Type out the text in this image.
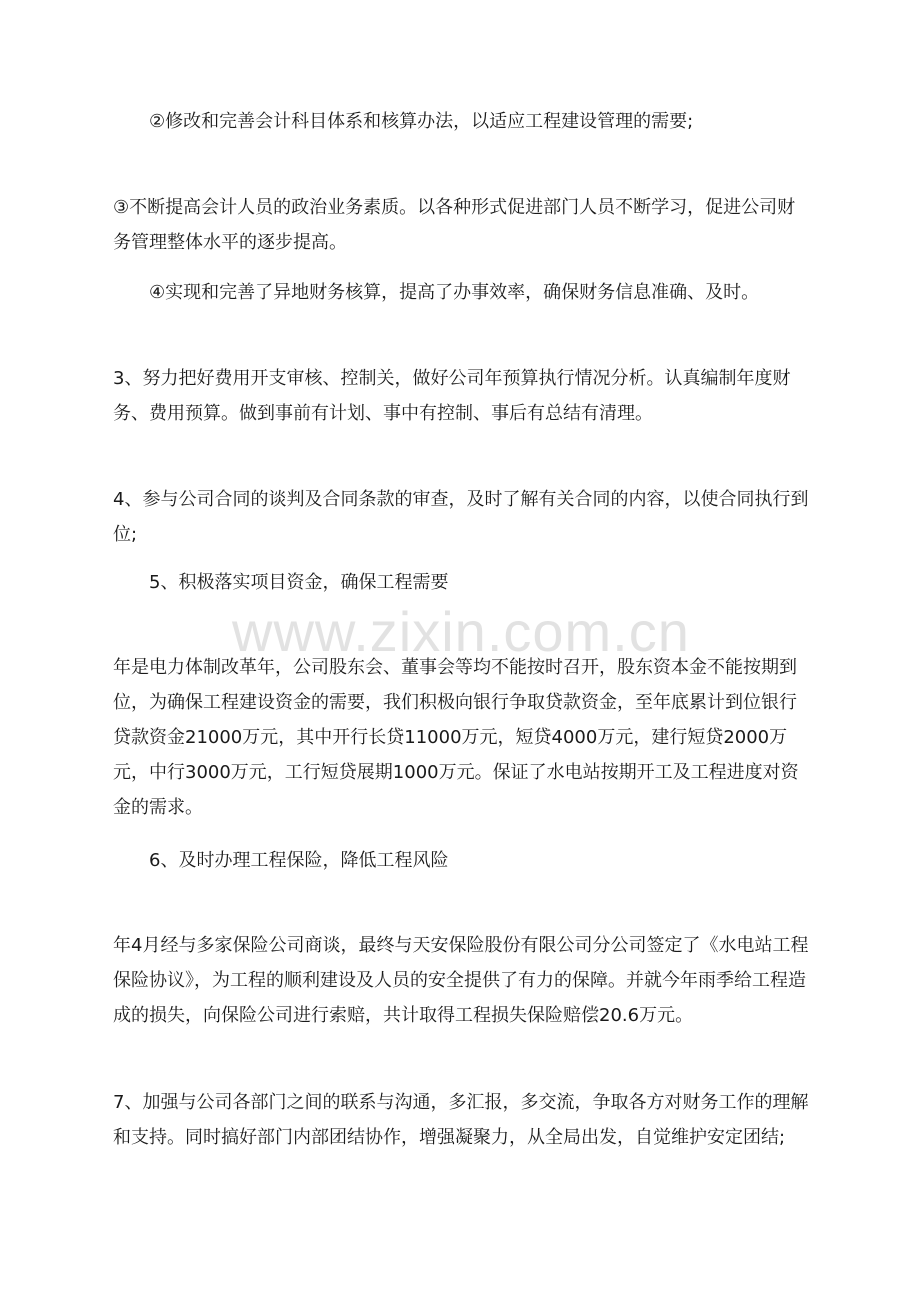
②修改和完善会计科目体系和核算办法，以适应工程建设管理的需要;

③不断提高会计人员的政治业务素质。以各种形式促进部门人员不断学习，促进公司财务管理整体水平的逐步提高。

④实现和完善了异地财务核算，提高了办事效率，确保财务信息准确、及时。

3、努力把好费用开支审核、控制关，做好公司年预算执行情况分析。认真编制年度财务、费用预算。做到事前有计划、事中有控制、事后有总结有清理。

4、参与公司合同的谈判及合同条款的审查，及时了解有关合同的内容，以使合同执行到位;

5、积极落实项目资金，确保工程需要

www.zixin.com.cn

年是电力体制改革年，公司股东会、董事会等均不能按时召开，股东资本金不能按期到位，为确保工程建设资金的需要，我们积极向银行争取贷款资金，至年底累计到位银行贷款资金21000万元，其中开行长贷11000万元，短贷4000万元，建行短贷2000万元，中行3000万元，工行短贷展期1000万元。保证了水电站按期开工及工程进度对资金的需求。

6、及时办理工程保险，降低工程风险

年4月经与多家保险公司商谈，最终与天安保险股份有限公司分公司签定了《水电站工程保险协议》，为工程的顺利建设及人员的安全提供了有力的保障。并就今年雨季给工程造成的损失，向保险公司进行索赔，共计取得工程损失保险赔偿20.6万元。

7、加强与公司各部门之间的联系与沟通，多汇报，多交流，争取各方对财务工作的理解和支持。同时搞好部门内部团结协作，增强凝聚力，从全局出发，自觉维护安定团结;
